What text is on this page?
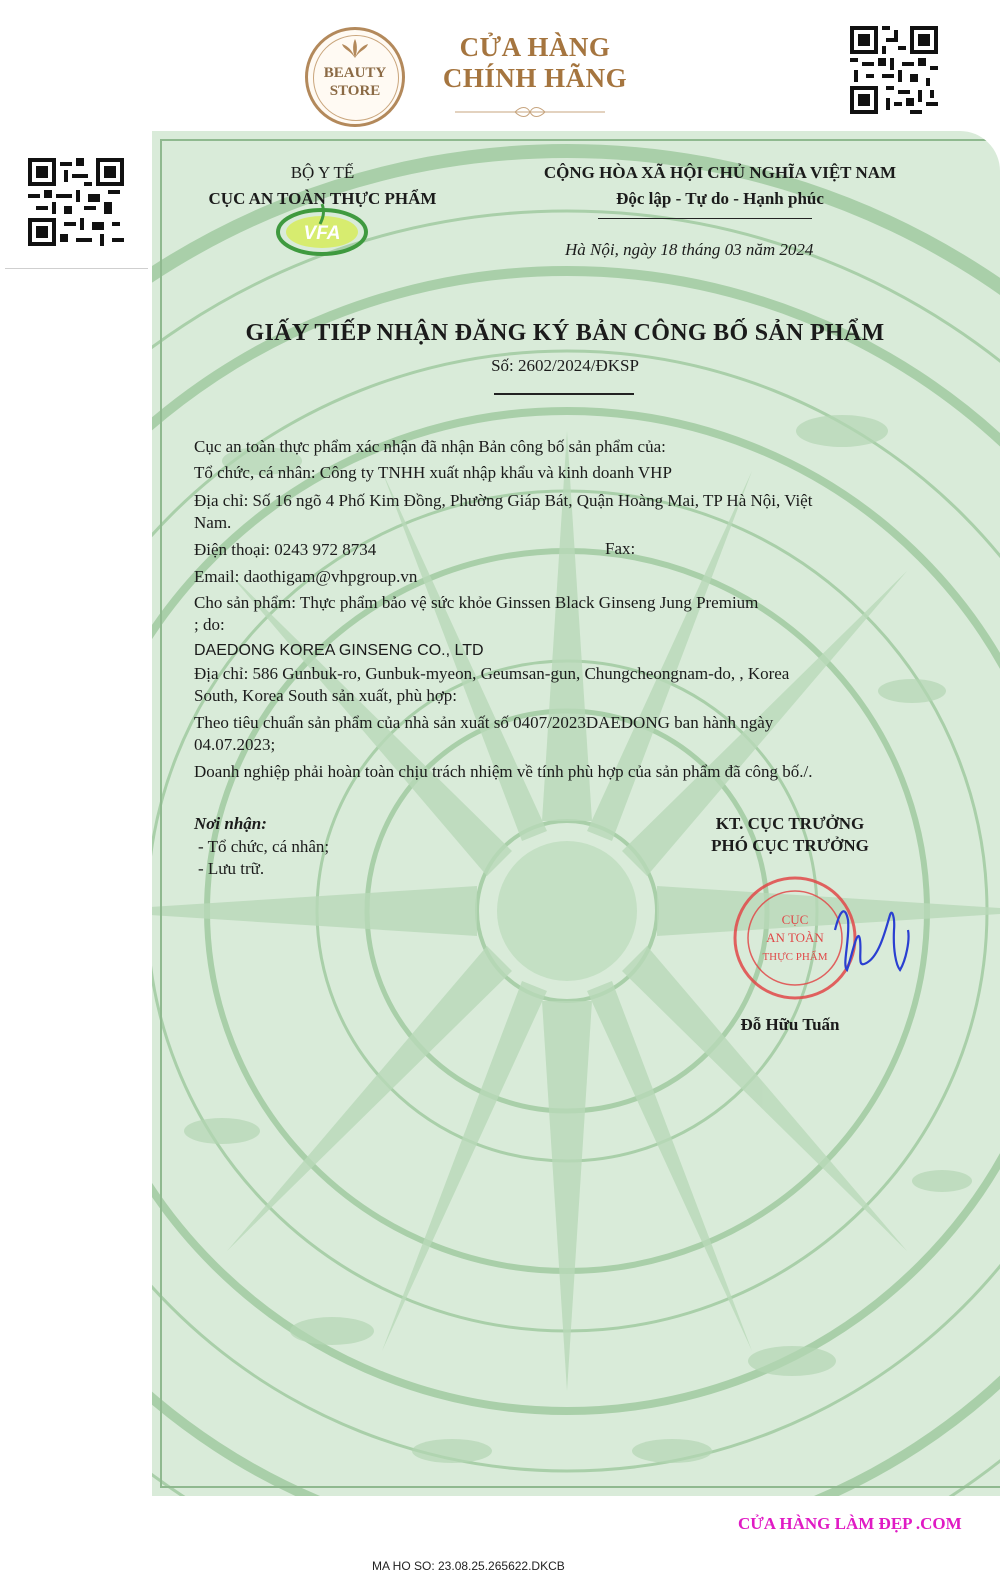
BEAUTY
STORE
CỬA HÀNG
CHÍNH HÃNG
BỘ Y TẾ
CỤC AN TOÀN THỰC PHẨM
VFA
CỘNG HÒA XÃ HỘI CHỦ NGHĨA VIỆT NAM
Độc lập - Tự do - Hạnh phúc
Hà Nội, ngày 18 tháng 03 năm 2024
GIẤY TIẾP NHẬN ĐĂNG KÝ BẢN CÔNG BỐ SẢN PHẨM
Số: 2602/2024/ĐKSP
Cục an toàn thực phẩm xác nhận đã nhận Bản công bố sản phẩm của:
Tổ chức, cá nhân: Công ty TNHH xuất nhập khẩu và kinh doanh VHP
Địa chỉ: Số 16 ngõ 4 Phố Kim Đồng, Phường Giáp Bát, Quận Hoàng Mai, TP Hà Nội, Việt
Nam.
Điện thoại: 0243 972 8734	Fax:
Email: daothigam@vhpgroup.vn
Cho sản phẩm: Thực phẩm bảo vệ sức khỏe Ginssen Black Ginseng Jung Premium
; do:
DAEDONG KOREA GINSENG CO., LTD
Địa chỉ: 586 Gunbuk-ro, Gunbuk-myeon, Geumsan-gun, Chungcheongnam-do, , Korea
South, Korea South sản xuất, phù hợp:
Theo tiêu chuẩn sản phẩm của nhà sản xuất số 0407/2023DAEDONG ban hành ngày
04.07.2023;
Doanh nghiệp phải hoàn toàn chịu trách nhiệm về tính phù hợp của sản phẩm đã công bố./.
Nơi nhận:
- Tổ chức, cá nhân;
- Lưu trữ.
KT. CỤC TRƯỞNG
PHÓ CỤC TRƯỞNG
CỤC
AN TOÀN
THỰC PHẨM
Đỗ Hữu Tuấn
CỬA HÀNG LÀM ĐẸP .COM
MA HO SO: 23.08.25.265622.DKCB
